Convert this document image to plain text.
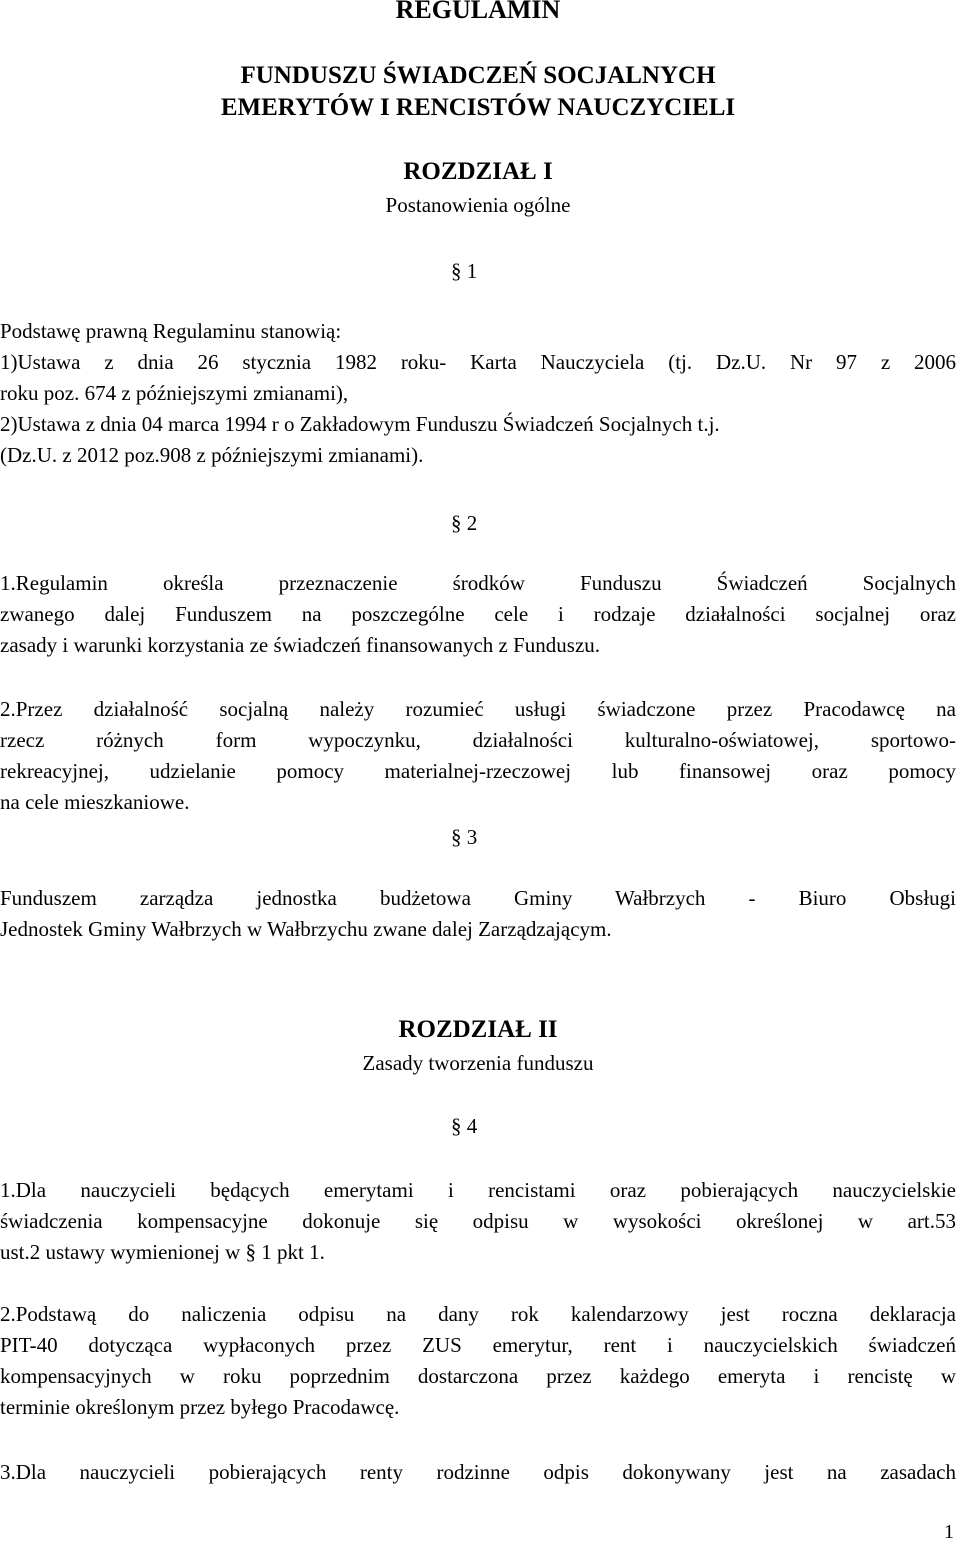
REGULAMIN
FUNDUSZU ŚWIADCZEŃ SOCJALNYCH
EMERYTÓW I RENCISTÓW NAUCZYCIELI
ROZDZIAŁ I
Postanowienia ogólne
§ 1
Podstawę prawną Regulaminu stanowią:
1)Ustawa z dnia 26 stycznia 1982 roku- Karta Nauczyciela (tj. Dz.U. Nr 97 z 2006
roku poz. 674 z późniejszymi zmianami),
2)Ustawa z dnia 04 marca 1994 r o Zakładowym Funduszu Świadczeń Socjalnych t.j.
(Dz.U. z 2012 poz.908 z późniejszymi zmianami).
§ 2
1.Regulamin określa przeznaczenie środków Funduszu Świadczeń Socjalnych
zwanego dalej Funduszem na poszczególne cele i rodzaje działalności socjalnej oraz
zasady i warunki korzystania ze świadczeń finansowanych z Funduszu.
2.Przez działalność socjalną należy rozumieć usługi świadczone przez Pracodawcę na
rzecz różnych form wypoczynku, działalności kulturalno-oświatowej, sportowo-
rekreacyjnej, udzielanie pomocy materialnej-rzeczowej lub finansowej oraz pomocy
na cele mieszkaniowe.
§ 3
Funduszem zarządza jednostka budżetowa Gminy Wałbrzych - Biuro Obsługi
Jednostek Gminy Wałbrzych w Wałbrzychu zwane dalej Zarządzającym.
ROZDZIAŁ II
Zasady tworzenia funduszu
§ 4
1.Dla nauczycieli będących emerytami i rencistami oraz pobierających nauczycielskie
świadczenia kompensacyjne dokonuje się odpisu w wysokości określonej w art.53
ust.2 ustawy wymienionej w § 1 pkt 1.
2.Podstawą do naliczenia odpisu na dany rok kalendarzowy jest roczna deklaracja
PIT-40 dotycząca wypłaconych przez ZUS emerytur, rent i nauczycielskich świadczeń
kompensacyjnych w roku poprzednim dostarczona przez każdego emeryta i rencistę w
terminie określonym przez byłego Pracodawcę.
3.Dla nauczycieli pobierających renty rodzinne odpis dokonywany jest na zasadach
1
